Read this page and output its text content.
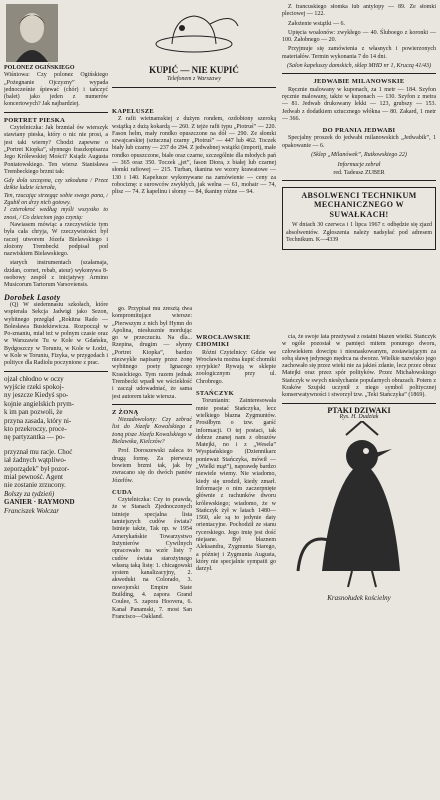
POLONEZ OGIŃSKIEGO
Wiśniowa: Czy polonez Ogińskiego „Pożegnanie Ojczyzny” wypada jednocześnie śpiewać (chór) i tańczyć (balet) jako jeden z numerów koncertowych? Jak najbardziej.
PORTRET PIESKA

Czytelniczka: Jak brzmiał ów wierszyk stawiany pieska, który o nic nie prosi, a jest taki wierny? Chodzi zapewne o „Portret Kiopka”, słynnego fraszkopisarza Jego Królewskiej Mości? Ksiądz Augusta Poniatowskiego. Ten wiersz Stanisława Trembeckiego brzmi tak:

Gdy dola szczęsna, czy szkoduna / Przez dzikie ludzie ścierała,
Ten, rzucając strzegąc sobie swego pana, / Zgubił on drzy nich gotowy.
I czterokroć według myśli wszystko to znosi, / Co dzieciom jego czynią:

Nawiasem mówiąc a rzeczywiście tym była cała chryja, W rzeczywistości był raczej utworem Józefa Bielawskiego i złożony Trembecki podpisał pod nazwiskiem Bielawskiego.

starych instrumentach (szałamaja, dzidan, cornet, rebab, ateur) wykonywa 8-osobowy zespół z inicjatywy Armino Musicorum Tartorum Varsoviensis.

Dorobek Lasoty

(Q) W siedemnastu szkołach, które wspierała Sekcja Jadwigi jako Sezon, wybitnego przegląd „Rokitna Rado — Bolesława Busiekiewicza. Rozpoczął w Po-zmaniu, miał też w polnym czasie oraz w Warszawie Tu w Kole w Gdańsku, Bydgoszczy w Toruniu, w Kole w Łodzi, w Kole w Toruniu, Fizyka, w przygodach i polityce dla Radiolu poczynione z prac.

ojzał chłodno w oczy
wyjście rzeki spokoj-
ny jeszcze Kiedyś spo-
kojnie angielskich prym-
k im pan pozwoli, że
przyna zasada, który ni-
kto przekroczy, proce-
nę partyzantka — po-
przyznał mu racje. Choć
iał żadnych wątpliwo-
zeporządek" był pozor-
miał pewność. Agent
nie zostanie zrzucony.
Bolszy za tydzień)
GANIER · RAYMOND
Franciszek Wołczar
KUPIĆ — NIE KUPIĆ
Telefonem z Warszawy
KAPELUSZE

Z rafii wietnamskiej z dużym rondem, ozdobiony szeroką wstążką z dużą kokardą — 260. Z tejże rafii typu „Piotruś” — 220. Fason helm, mały rondko opuszczone na dół — 290. Ze słomki szwajcarskiej (sztuczna) czarny „Piotruś” — 447 lub 462. Toczek biały lub czarny — 237 do 294. Z jedwabnej wstążki (import), małe rondko opuszczone, białe oraz czarne, szczególnie dla młodych pań — 365 oraz 350. Toczek „jet”, fason Diora, z białej lub czarnej słomki rafiowej — 215. Turban, tkanina we wzory krawatowe — 130 i 140. Kapelusze wykonywane na zamówienie — ceny za robociznę: z surowców zwykłych, jak welna — 61, mohair — 74, plisz — 74. Z kapelinu i słomy — 84, tkaniny różne — 94.

Z francuskiego słomka lub antylopy — 89. Ze słomki pleciowej — 122.

Założenie wstążki — 6.

Upięcia woalonów: zwykłego — 40. Śluboego z koronki — 100. Żałobnego — 20.

Przyjmuje się zamówienia z własnych i powierzonych materiałów. Termin wykonania 7 do 14 dni.

(Salon kapeluszy damskich, sklep MHD nr 1, Kruczą 41/43)
JEDWABIE MILANOWSKIE

Ręcznie malowany w kuponach, za 1 metr — 184. Szyfon ręcznie malowany, także w kuponach — 130. Szyfon z metra — 81. Jedwab drukowany lekki — 123, grubszy — 153. Jedwab z dodatkiem sztucznego włókna — 80. Zakard, 1 metr — 366.

DO PRANIA JEDWABI

Specjalny proszek do jedwabi milanowskich „Jedwabik”, 1 opakowanie — 6.

(Sklep „Milanówek”, Rutkowskiego 22)
Informacje zebrał
red. Tadeusz ZUBER
ABSOLWENCI TECHNIKUM MECHANICZNEGO W SUWAŁKACH!

W dniach 30 czerwca i 1 lipca 1967 r. odbędzie się zjazd absolwentów. Zgłoszenia należy nadsyłać pod adresem Technikum. K—4339

go. Przypisał mu zresztą dwa kompromitujące wiersze: „Pierwszym z nich był Hymn do Apolina, niesłusznie mordując go w przeczuciu. Na dla... Rzepina, drugim — słynny „Portret Kiopka”, bardzo niezwykle napisany przez żonę wybitnego poety Ignacego Krasickiego. Tym razem jednak Trembecki wpadł we wściekłość i zaczął udowadniać, że sama jest autorem takie wiersza.

Z ŻONĄ

Niezadowolony: Czy zebrać list do Józefa Kowalskiego z żoną pisze Józefa Kowalskiego w Bielawska, Kielczów?

Prof. Doroszewski zaleca to drugą formę. Za pierwszą bowiem brzmi tak, jak by zwracano się do dwóch panów Józefów.

CUDA

Czytelniczka: Czy to prawda, że w Stanach Zjednoczonych istnieje specjalna lista tamtejszych cudów świata? Istnieje także, Tak np. w 1954 Amerykańskie Towarzystwo Inżynierów Cywilnych opracowało na wzór listy 7 cudów świata starożytnego własną taką listę: 1. chicagowski system kanalizacyjny, 2. akwedukt na Colorado, 3. nowojorski Empire State Building, 4. zapora Grand Coulee, 5. zapora Hoovera, 6. Kanał Panamski, 7. most San Francisco—Oakland.

WROCŁAWSKIE CHOMIKI

Różni Czytelnicy: Gdzie we Wrocławiu można kupić chomiki syryjskie? Rywają w sklepie zoologicznym przy ul. Chrobrego.

STAŃCZYK

Torunianin: Zainteresowała mnie postać Stańczyka, lecz wielkiego błazna Zygmuntów. Prosiłbym o tzw. garść informacji. O tej postaci, tak dobrze znanej nam z obrazów Matejki, no i z „Wesela” Wyspiańskiego (Dziennikarz ponieważ Stańczyka, mówił — „Wielki mąż”), naprawdę bardzo niewiele wiemy. Nie wiadomo, kiedy się urodził, kiedy zmarł. Informacje o nim zaczerpnięte głównie z rachunków dworu królewskiego; wiadomo, że w Stańczyk żył w latach 1480—1560, ale są to jedynie daty orientacyjne. Pochodził ze stanu rycerskiego. Jego imię jest dość niejasne. Był błaznem Aleksandra, Zygmunta Starego, a później i Zygmunta Augusta, który nie specjalnie sympatii go darzył.

cia, że swoje lata przeżywał z ostatni błazen wielki. Stańczyk w ogóle pozostał w pamięci mitem ponurego dworu, człowiekiem dowcipu i niesnaskowanym, zostawiającym za sobą sławę jedynego mędrca na dworze. Wielkie nazwisko jego zachowało się przez wieki nie za jakieś zdanie, lecz przez obraz Matejki oraz przez spór polityków. Przez Michałowskiego Stańczyk w swych niesłychanie popularnych obrazach. Potem z Kraków Szujski uczynił z niego symbol politycznej konserwatywności i stworzył tzw. „Teki Stańczyka” (1869).

PTAKI DZIWAKI
Rys. H. Dudziak
Krasnołudek kościelny
